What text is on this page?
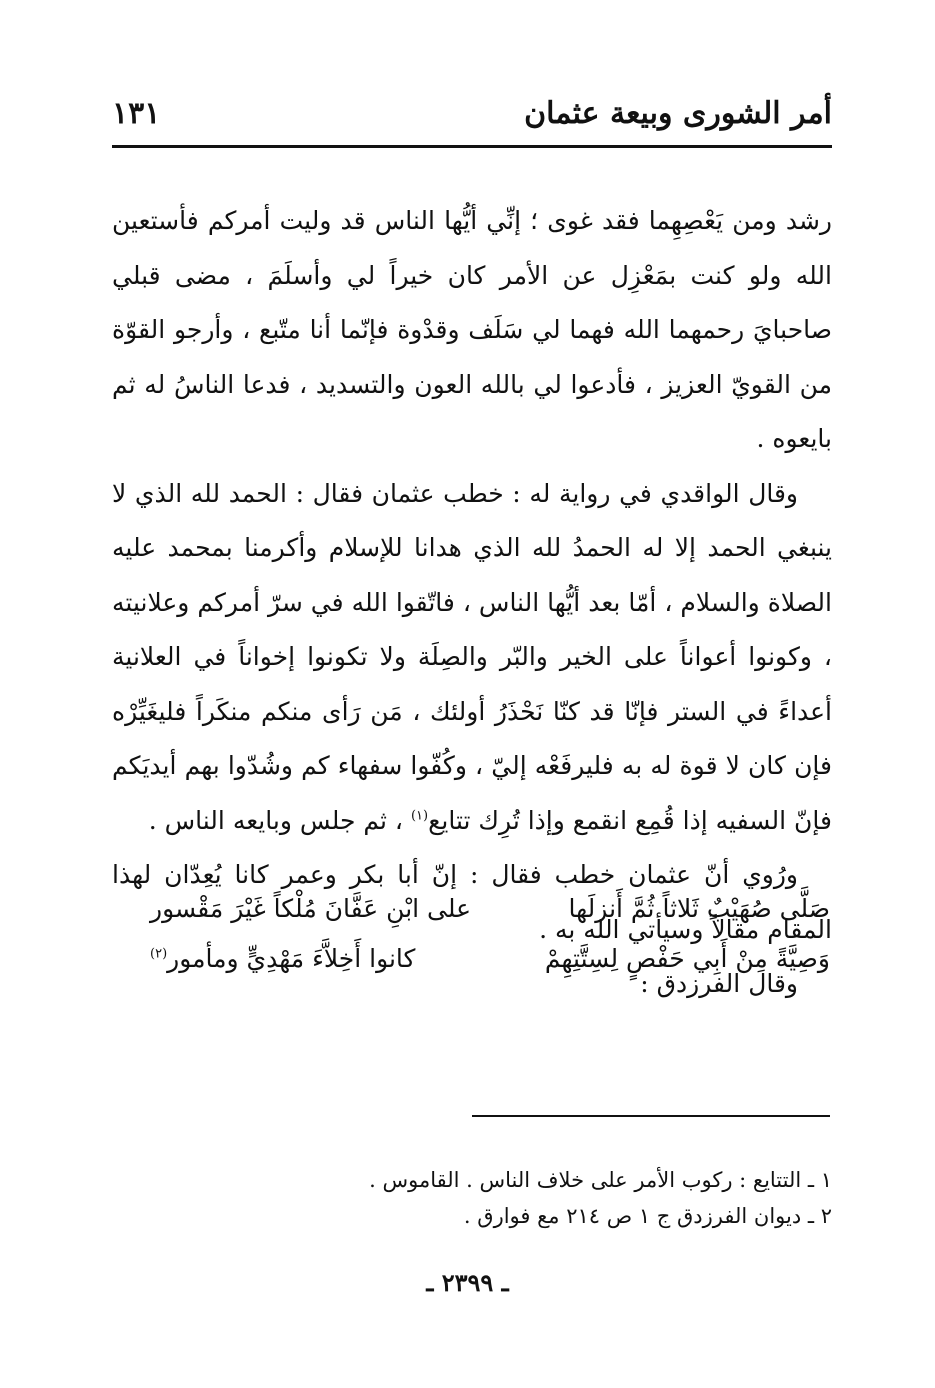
أمر الشورى وبيعة عثمان
١٣١

رشد ومن يَعْصِهِما فقد غوى ؛ إنِّي أيُّها الناس قد وليت أمركم فأستعين الله ولو كنت بمَعْزِل عن الأمر كان خيراً لي وأسلَمَ ، مضى قبلي صاحبايَ رحمهما الله فهما لي سَلَف وقدْوة فإنّما أنا متّبع ، وأرجو القوّة من القويّ العزيز ، فأدعوا لي بالله العون والتسديد ، فدعا الناسُ له ثم بايعوه .

وقال الواقدي في رواية له : خطب عثمان فقال : الحمد لله الذي لا ينبغي الحمد إلا له الحمدُ لله الذي هدانا للإسلام وأكرمنا بمحمد عليه الصلاة والسلام ، أمّا بعد أيُّها الناس ، فاتّقوا الله في سرّ أمركم وعلانيته ، وكونوا أعواناً على الخير والبّر والصِلَة ولا تكونوا إخواناً في العلانية أعداءً في الستر فإنّا قد كنّا نَحْذَرُ أولئك ، مَن رَأى منكم منكَراً فليغَيِّرْه فإن كان لا قوة له به فليرفَعْه إليّ ، وكُفّوا سفهاء كم وشُدّوا بهم أيديَكم فإنّ السفيه إذا قُمِع انقمع وإذا تُرِك تتايع$^{(١)}$ ، ثم جلس وبايعه الناس .

ورُوي أنّ عثمان خطب فقال : إنّ أبا بكر وعمر كانا يُعِدّان لهذا المقام مقالاً وسيأتي الله به .

وقال الفرزدق :

صَلَّى صُهَيْبٌ ثَلاثاً ثُمَّ أَنزلَها
على ابْنِ عَفَّانَ مُلْكاً غَيْرَ مَقْسور
وَصِيَّةً مِنْ أَبِي حَفْصٍ لِسِتَّتِهِمْ
كانوا أَخِلاَّءَ مَهْدِيٍّ ومأمور$^{(٢)}$

١ ـ التتايع : ركوب الأمر على خلاف الناس . القاموس .

٢ ـ ديوان الفرزدق ج ١ ص ٢١٤ مع فوارق .

ـ ٢٣٩٩ ـ
